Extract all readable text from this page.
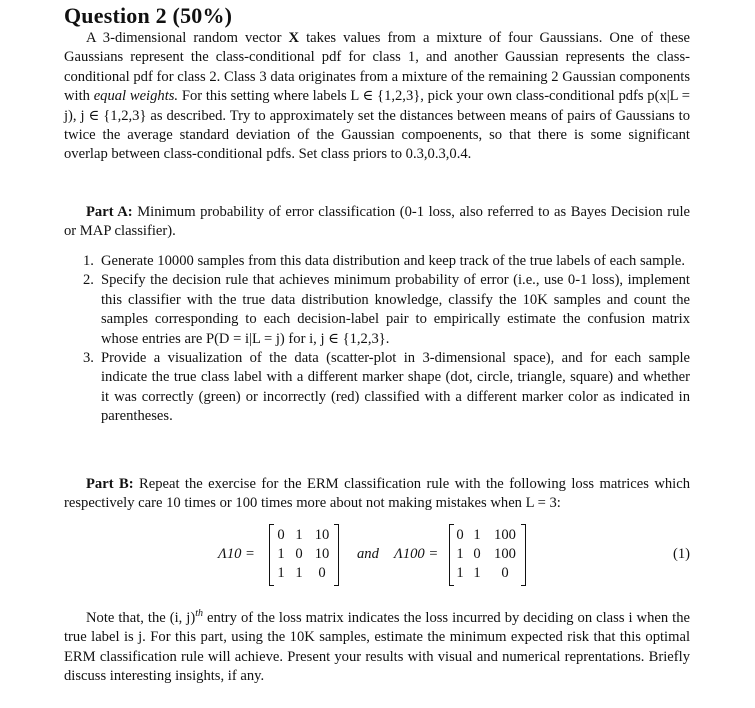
Question 2 (50%)
A 3-dimensional random vector X takes values from a mixture of four Gaussians. One of these Gaussians represent the class-conditional pdf for class 1, and another Gaussian represents the class-conditional pdf for class 2. Class 3 data originates from a mixture of the remaining 2 Gaussian components with equal weights. For this setting where labels L ∈ {1,2,3}, pick your own class-conditional pdfs p(x|L = j), j ∈ {1,2,3} as described. Try to approximately set the distances between means of pairs of Gaussians to twice the average standard deviation of the Gaussian compoenents, so that there is some significant overlap between class-conditional pdfs. Set class priors to 0.3,0.3,0.4.
Part A: Minimum probability of error classification (0-1 loss, also referred to as Bayes Decision rule or MAP classifier).
1. Generate 10000 samples from this data distribution and keep track of the true labels of each sample.
2. Specify the decision rule that achieves minimum probability of error (i.e., use 0-1 loss), implement this classifier with the true data distribution knowledge, classify the 10K samples and count the samples corresponding to each decision-label pair to empirically estimate the confusion matrix whose entries are P(D = i|L = j) for i, j ∈ {1,2,3}.
3. Provide a visualization of the data (scatter-plot in 3-dimensional space), and for each sample indicate the true class label with a different marker shape (dot, circle, triangle, square) and whether it was correctly (green) or incorrectly (red) classified with a different marker color as indicated in parentheses.
Part B: Repeat the exercise for the ERM classification rule with the following loss matrices which respectively care 10 times or 100 times more about not making mistakes when L = 3:
Λ10 =
0 1 10
1 0 10
1 1	0
and Λ100 =
0 1 100
1 0 100
1 1	0
(1)
Note that, the (i, j)$^{th}$ entry of the loss matrix indicates the loss incurred by deciding on class i when the true label is j. For this part, using the 10K samples, estimate the minimum expected risk that this optimal ERM classification rule will achieve. Present your results with visual and numerical reprentations. Briefly discuss interesting insights, if any.
